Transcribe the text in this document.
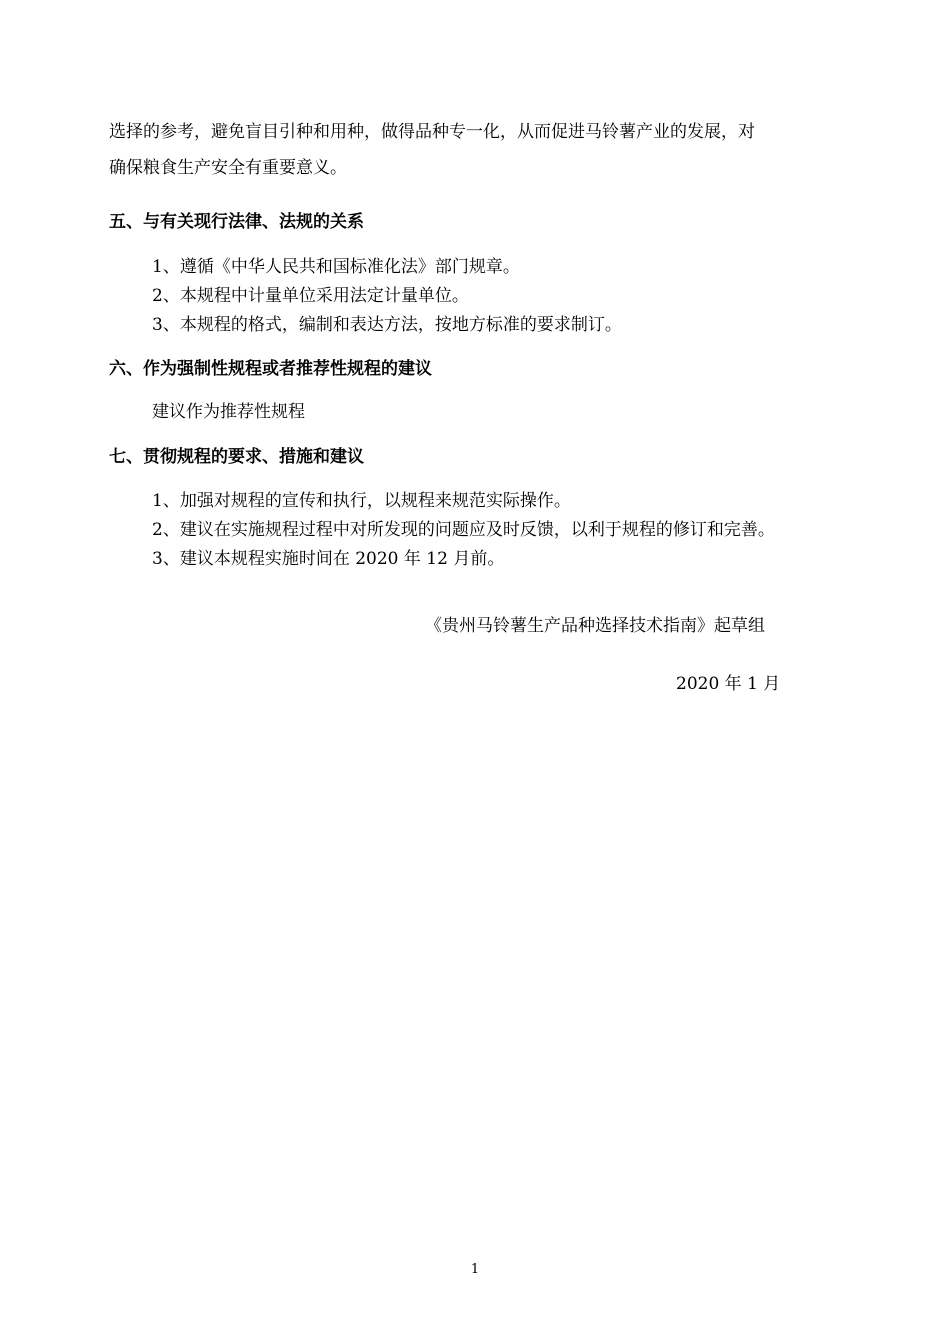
选择的参考，避免盲目引种和用种，做得品种专一化，从而促进马铃薯产业的发展，对
确保粮食生产安全有重要意义。
五、与有关现行法律、法规的关系
1、遵循《中华人民共和国标准化法》部门规章。
2、本规程中计量单位采用法定计量单位。
3、本规程的格式，编制和表达方法，按地方标准的要求制订。
六、作为强制性规程或者推荐性规程的建议
建议作为推荐性规程
七、贯彻规程的要求、措施和建议
1、加强对规程的宣传和执行，以规程来规范实际操作。
2、建议在实施规程过程中对所发现的问题应及时反馈，以利于规程的修订和完善。
3、建议本规程实施时间在 2020 年 12 月前。
《贵州马铃薯生产品种选择技术指南》起草组
2020 年 1 月
1
